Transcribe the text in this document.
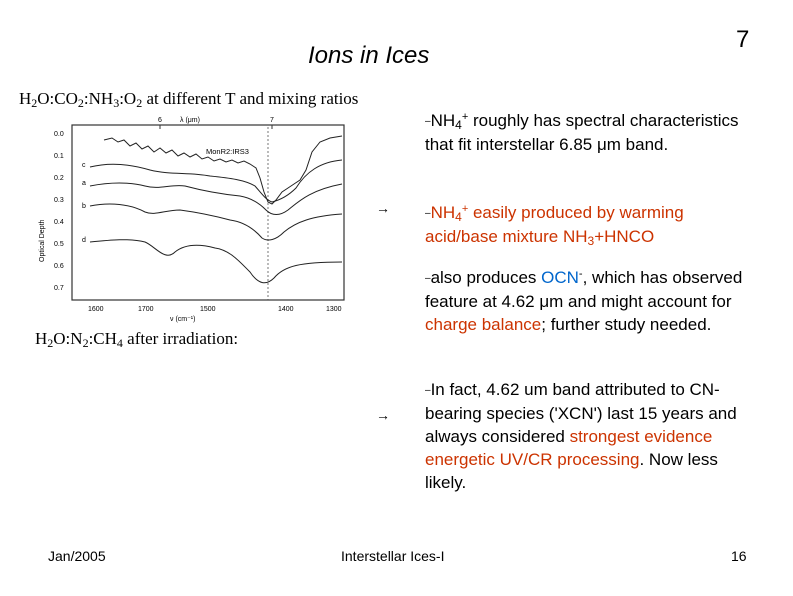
Ions in Ices
7
$H_2O:CO_2:NH_3:O_2$ at different T and mixing ratios
λ (μm)
6	7
Optical Depth
0.0
0.1
0.2
0.3
0.4
0.5
0.6
0.7
1600	1700	1500	1400	1300
ν (cm⁻¹)
MonR2:IRS3
c
a
b
d
$H_2O:N_2:CH_4$ after irradiation:
→
→
$-NH_4^+$ roughly has spectral characteristics that fit interstellar 6.85 μm band.
$-NH_4^+$ easily produced by warming acid/base mixture $NH_3+HNCO$
–also produces OCN-, which has observed feature at 4.62 μm and might account for charge balance; further study needed.
–In fact, 4.62 um band attributed to CN-bearing species ('XCN') last 15 years and always considered strongest evidence energetic UV/CR processing. Now less likely.
Jan/2005	Interstellar Ices-I	16
